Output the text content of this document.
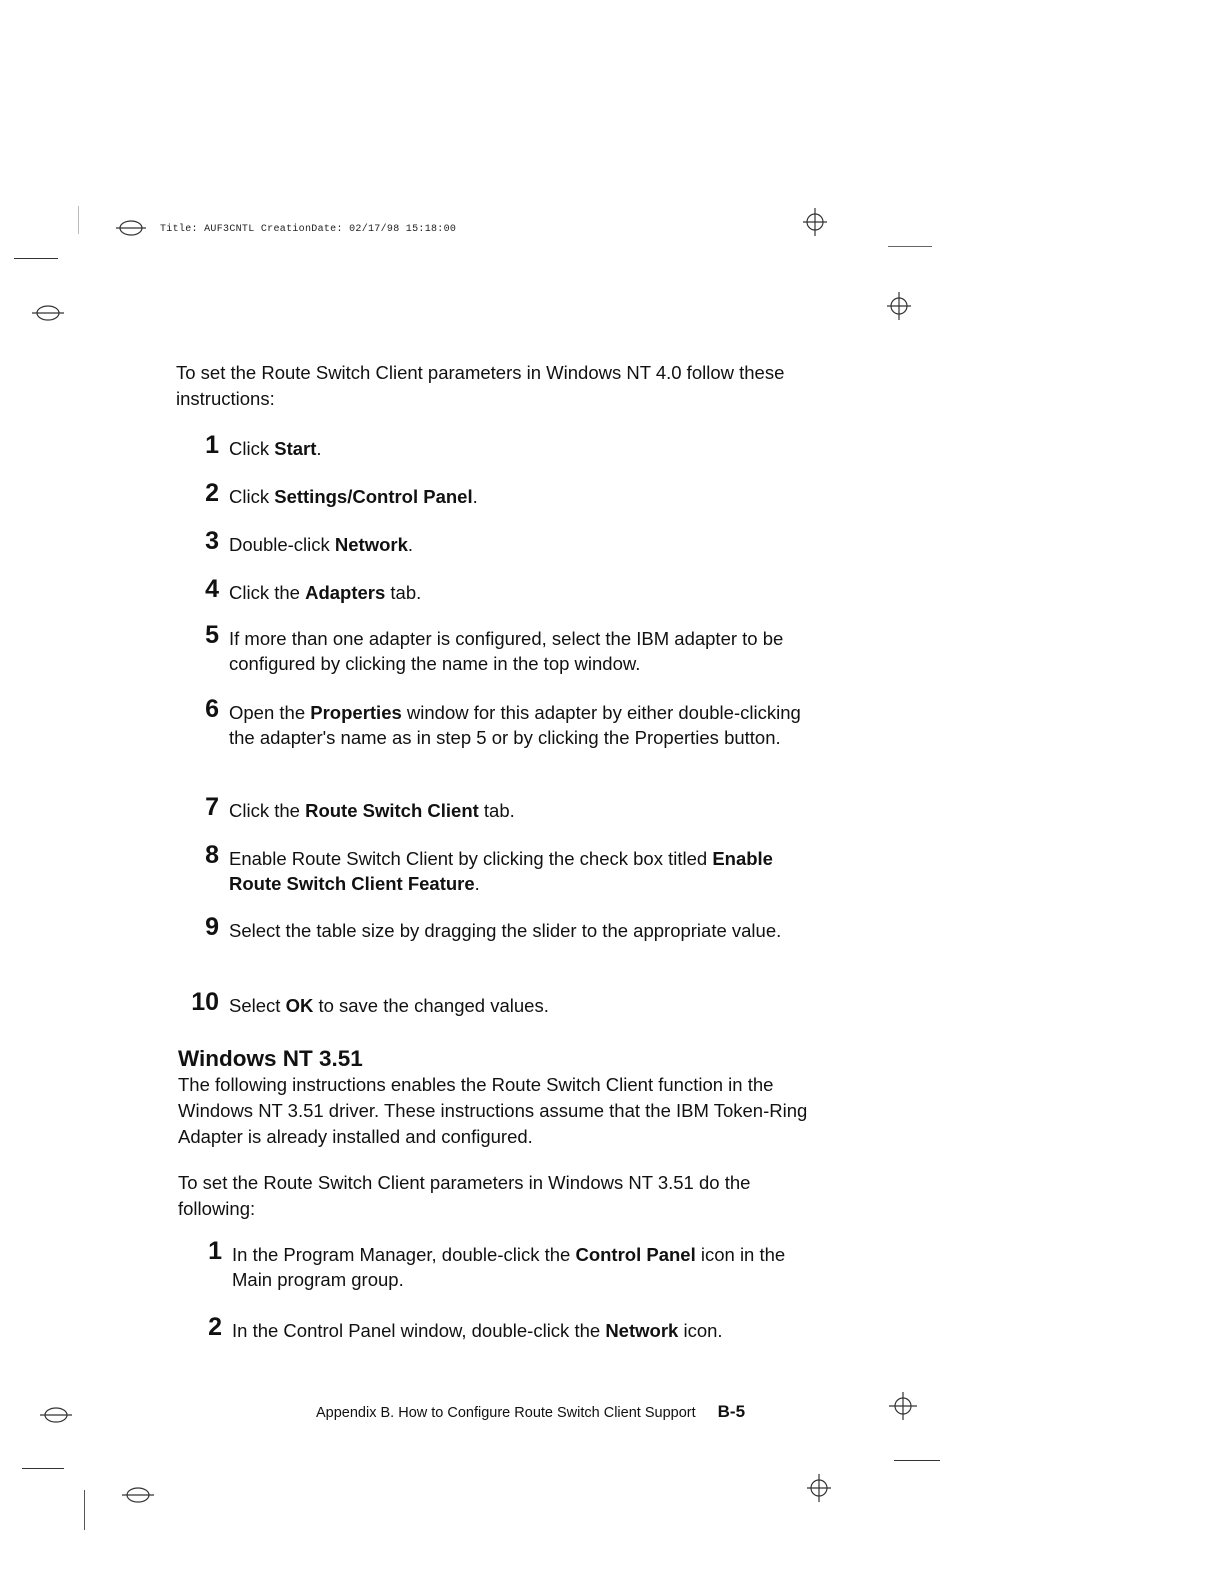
Title: AUF3CNTL CreationDate: 02/17/98 15:18:00

To set the Route Switch Client parameters in Windows NT 4.0 follow these instructions:

1 Click Start.
2 Click Settings/Control Panel.
3 Double-click Network.
4 Click the Adapters tab.
5 If more than one adapter is configured, select the IBM adapter to be configured by clicking the name in the top window.
6 Open the Properties window for this adapter by either double-clicking the adapter's name as in step 5 or by clicking the Properties button.
7 Click the Route Switch Client tab.
8 Enable Route Switch Client by clicking the check box titled Enable Route Switch Client Feature.
9 Select the table size by dragging the slider to the appropriate value.
10 Select OK to save the changed values.
Windows NT 3.51

The following instructions enables the Route Switch Client function in the Windows NT 3.51 driver. These instructions assume that the IBM Token-Ring Adapter is already installed and configured.

To set the Route Switch Client parameters in Windows NT 3.51 do the following:

1 In the Program Manager, double-click the Control Panel icon in the Main program group.
2 In the Control Panel window, double-click the Network icon.
Appendix B. How to Configure Route Switch Client Support B-5
